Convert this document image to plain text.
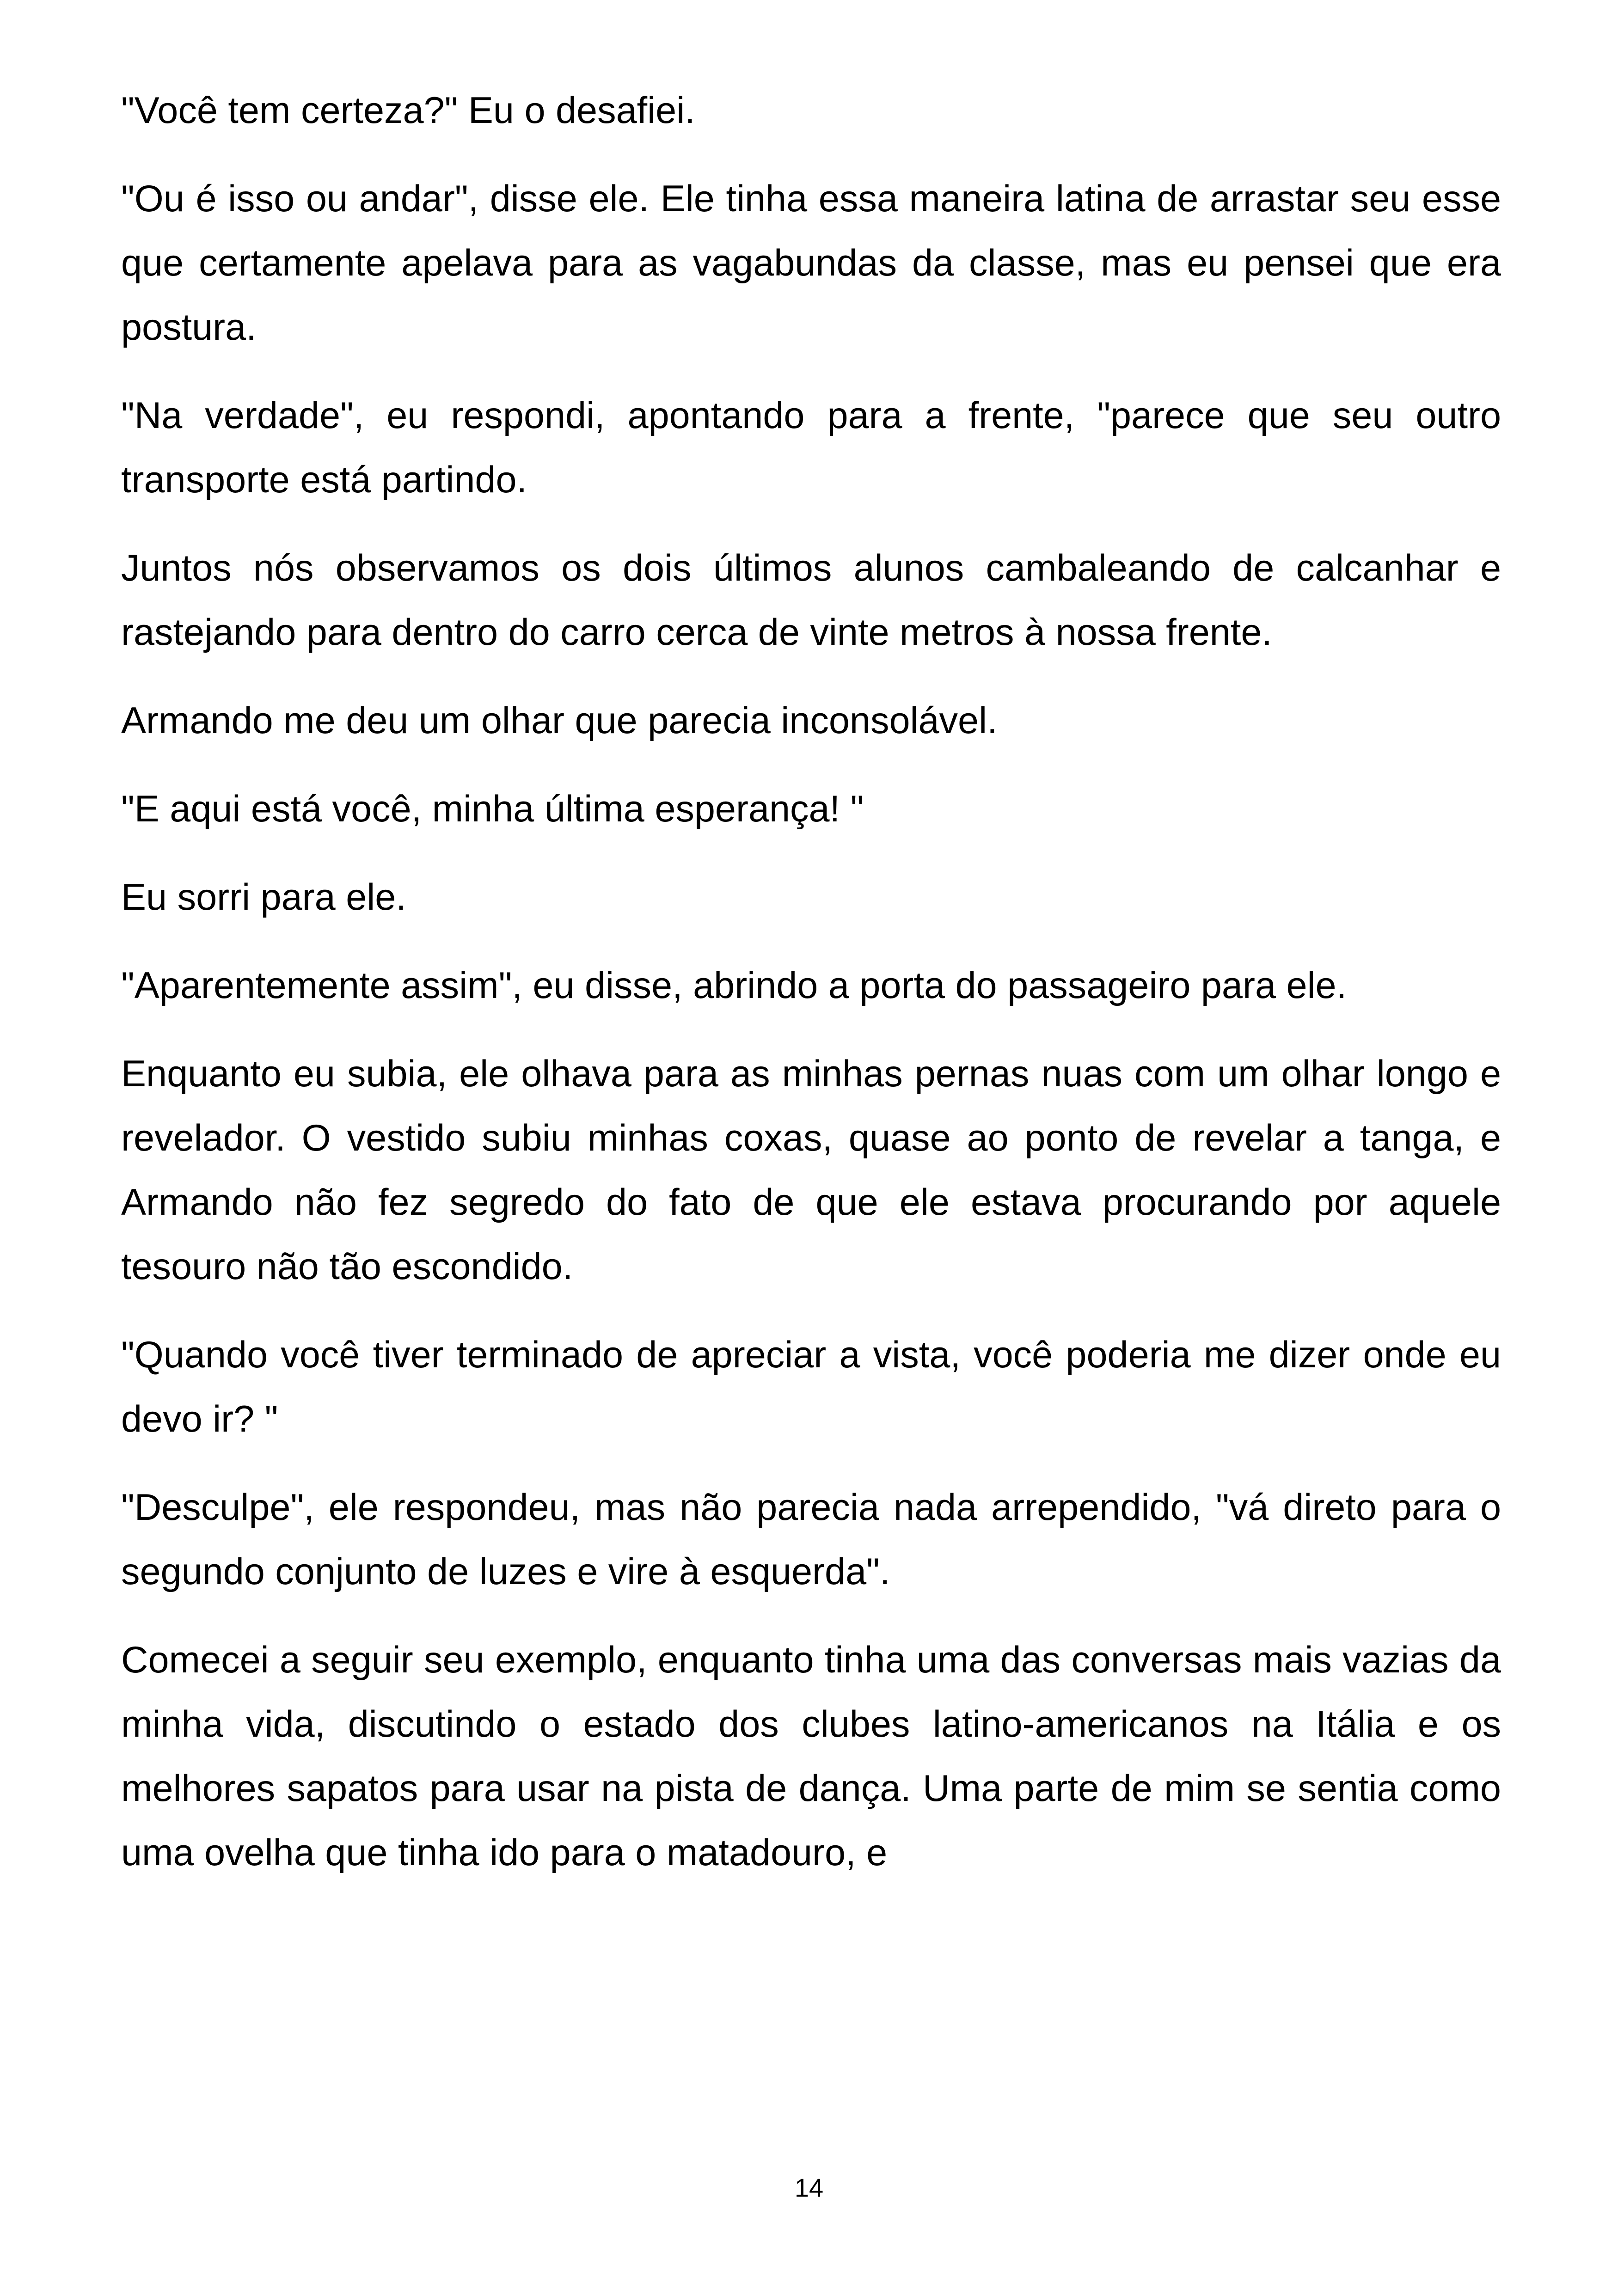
"Você tem certeza?" Eu o desafiei.

"Ou é isso ou andar", disse ele. Ele tinha essa maneira latina de arrastar seu esse que certamente apelava para as vagabundas da classe, mas eu pensei que era postura.

"Na verdade", eu respondi, apontando para a frente, "parece que seu outro transporte está partindo.

Juntos nós observamos os dois últimos alunos cambaleando de calcanhar e rastejando para dentro do carro cerca de vinte metros à nossa frente.

Armando me deu um olhar que parecia inconsolável.

"E aqui está você, minha última esperança! "

Eu sorri para ele.

"Aparentemente assim", eu disse, abrindo a porta do passageiro para ele.

Enquanto eu subia, ele olhava para as minhas pernas nuas com um olhar longo e revelador. O vestido subiu minhas coxas, quase ao ponto de revelar a tanga, e Armando não fez segredo do fato de que ele estava procurando por aquele tesouro não tão escondido.

"Quando você tiver terminado de apreciar a vista, você poderia me dizer onde eu devo ir? "

"Desculpe", ele respondeu, mas não parecia nada arrependido, "vá direto para o segundo conjunto de luzes e vire à esquerda".

Comecei a seguir seu exemplo, enquanto tinha uma das conversas mais vazias da minha vida, discutindo o estado dos clubes latino-americanos na Itália e os melhores sapatos para usar na pista de dança. Uma parte de mim se sentia como uma ovelha que tinha ido para o matadouro, e

14
